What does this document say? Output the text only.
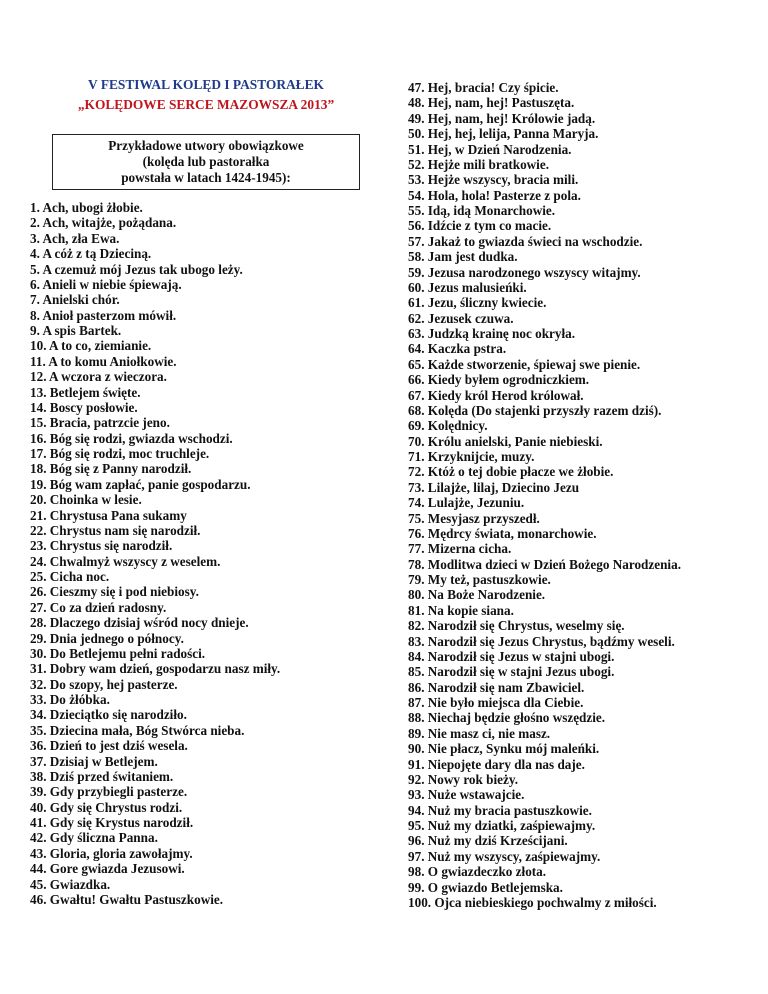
V FESTIWAL KOLĘD I PASTORAŁEK
„KOLĘDOWE SERCE MAZOWSZA 2013”
Przykładowe utwory obowiązkowe
(kolęda lub pastorałka
powstała w latach 1424-1945):
1. Ach, ubogi żłobie.
2. Ach, witajże, pożądana.
3. Ach, zła Ewa.
4. A cóż z tą Dzieciną.
5. A czemuż mój Jezus tak ubogo leży.
6. Anieli w niebie śpiewają.
7. Anielski chór.
8. Anioł pasterzom mówił.
9. A spis Bartek.
10. A to co, ziemianie.
11. A to komu Aniołkowie.
12. A wczora z wieczora.
13. Betlejem święte.
14. Boscy posłowie.
15. Bracia, patrzcie jeno.
16. Bóg się rodzi, gwiazda wschodzi.
17. Bóg się rodzi, moc truchleje.
18. Bóg się z Panny narodził.
19. Bóg wam zapłać, panie gospodarzu.
20. Choinka w lesie.
21. Chrystusa Pana sukamy
22. Chrystus nam się narodził.
23. Chrystus się narodził.
24. Chwalmyż wszyscy z weselem.
25. Cicha noc.
26. Cieszmy się i pod niebiosy.
27. Co za dzień radosny.
28. Dlaczego dzisiaj wśród nocy dnieje.
29. Dnia jednego o północy.
30. Do Betlejemu pełni radości.
31. Dobry wam dzień, gospodarzu nasz miły.
32. Do szopy, hej pasterze.
33. Do żłóbka.
34. Dzieciątko się narodziło.
35. Dziecina mała, Bóg Stwórca nieba.
36. Dzień to jest dziś wesela.
37. Dzisiaj w Betlejem.
38. Dziś przed świtaniem.
39. Gdy przybiegli pasterze.
40. Gdy się Chrystus rodzi.
41. Gdy się Krystus narodził.
42. Gdy śliczna Panna.
43. Gloria, gloria zawołajmy.
44. Gore gwiazda Jezusowi.
45. Gwiazdka.
46. Gwałtu! Gwałtu Pastuszkowie.
47. Hej, bracia! Czy śpicie.
48. Hej, nam, hej! Pastuszęta.
49. Hej, nam, hej! Królowie jadą.
50. Hej, hej, lelija, Panna Maryja.
51. Hej, w Dzień Narodzenia.
52. Hejże mili bratkowie.
53. Hejże wszyscy, bracia mili.
54. Hola, hola! Pasterze z pola.
55. Idą, idą Monarchowie.
56. Idźcie z tym co macie.
57. Jakaż to gwiazda świeci na wschodzie.
58. Jam jest dudka.
59. Jezusa narodzonego wszyscy witajmy.
60. Jezus malusieńki.
61. Jezu, śliczny kwiecie.
62. Jezusek czuwa.
63. Judzką krainę noc okryła.
64. Kaczka pstra.
65. Każde stworzenie, śpiewaj swe pienie.
66. Kiedy byłem ogrodniczkiem.
67. Kiedy król Herod królował.
68. Kolęda (Do stajenki przyszły razem dziś).
69. Kolędnicy.
70. Królu anielski, Panie niebieski.
71. Krzyknijcie, muzy.
72. Któż o tej dobie płacze we żłobie.
73. Lilajże, lilaj, Dziecino Jezu
74. Lulajże, Jezuniu.
75. Mesyjasz przyszedł.
76. Mędrcy świata, monarchowie.
77. Mizerna cicha.
78. Modlitwa dzieci w Dzień Bożego Narodzenia.
79. My też, pastuszkowie.
80. Na Boże Narodzenie.
81. Na kopie siana.
82. Narodził się Chrystus, weselmy się.
83. Narodził się Jezus Chrystus, bądźmy weseli.
84. Narodził się Jezus w stajni ubogi.
85. Narodził się w stajni Jezus ubogi.
86. Narodził się nam Zbawiciel.
87. Nie było miejsca dla Ciebie.
88. Niechaj będzie głośno wszędzie.
89. Nie masz ci, nie masz.
90. Nie płacz, Synku mój maleńki.
91. Niepojęte dary dla nas daje.
92. Nowy rok bieży.
93. Nuże wstawajcie.
94. Nuż my bracia pastuszkowie.
95. Nuż my dziatki, zaśpiewajmy.
96. Nuż my dziś Krześcijani.
97. Nuż my wszyscy, zaśpiewajmy.
98. O gwiazdeczko złota.
99. O gwiazdo Betlejemska.
100. Ojca niebieskiego pochwalmy z miłości.
